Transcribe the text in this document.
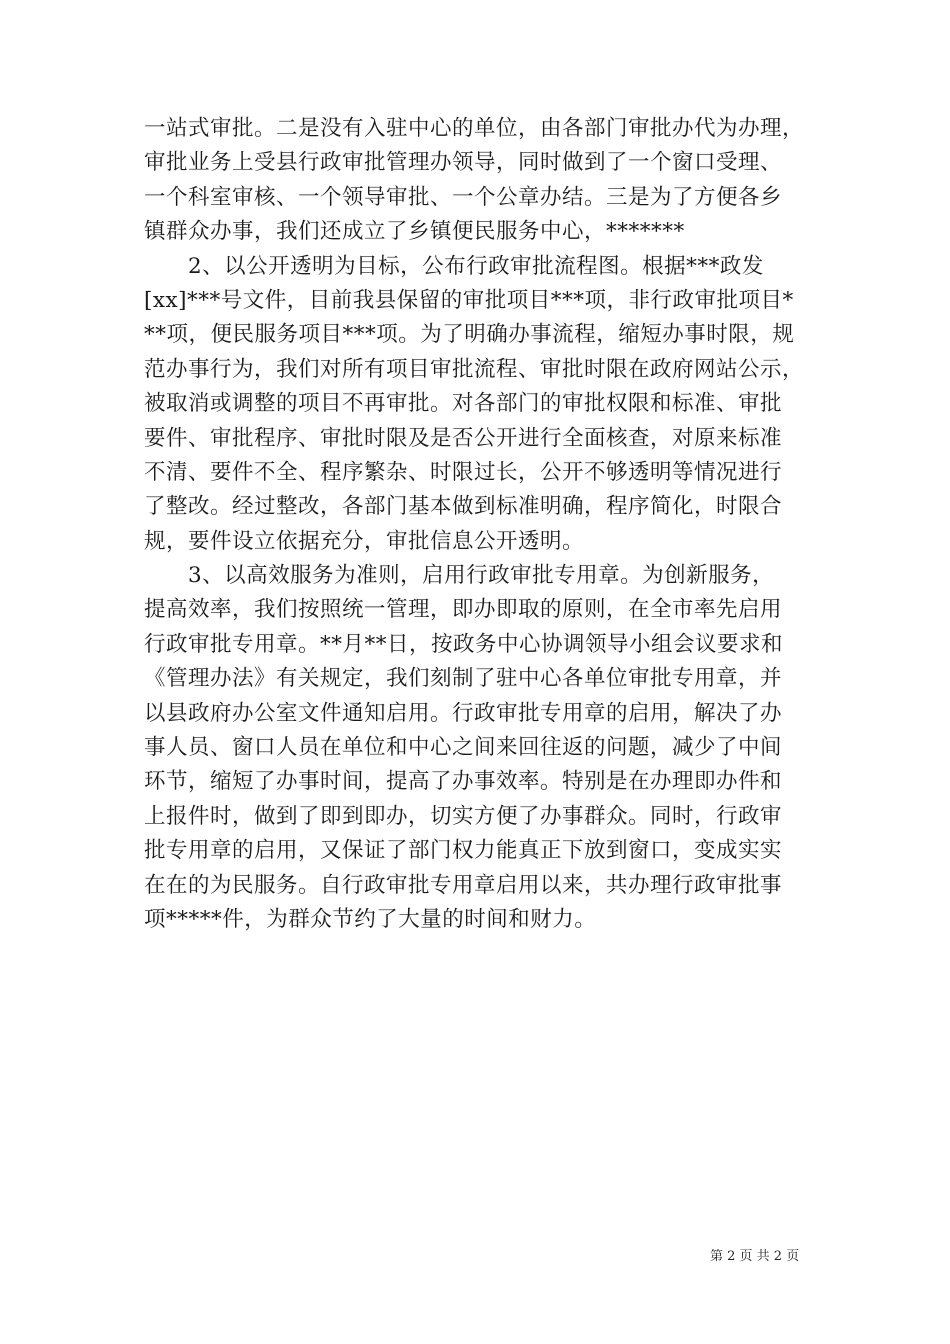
一站式审批。二是没有入驻中心的单位，由各部门审批办代为办理，
审批业务上受县行政审批管理办领导，同时做到了一个窗口受理、
一个科室审核、一个领导审批、一个公章办结。三是为了方便各乡
镇群众办事，我们还成立了乡镇便民服务中心，*******
2、以公开透明为目标，公布行政审批流程图。根据***政发
[xx]***号文件，目前我县保留的审批项目***项，非行政审批项目*
**项，便民服务项目***项。为了明确办事流程，缩短办事时限，规
范办事行为，我们对所有项目审批流程、审批时限在政府网站公示，
被取消或调整的项目不再审批。对各部门的审批权限和标准、审批
要件、审批程序、审批时限及是否公开进行全面核查，对原来标准
不清、要件不全、程序繁杂、时限过长，公开不够透明等情况进行
了整改。经过整改，各部门基本做到标准明确，程序简化，时限合
规，要件设立依据充分，审批信息公开透明。
3、以高效服务为准则，启用行政审批专用章。为创新服务，
提高效率，我们按照统一管理，即办即取的原则，在全市率先启用
行政审批专用章。**月**日，按政务中心协调领导小组会议要求和
《管理办法》有关规定，我们刻制了驻中心各单位审批专用章，并
以县政府办公室文件通知启用。行政审批专用章的启用，解决了办
事人员、窗口人员在单位和中心之间来回往返的问题，减少了中间
环节，缩短了办事时间，提高了办事效率。特别是在办理即办件和
上报件时，做到了即到即办，切实方便了办事群众。同时，行政审
批专用章的启用，又保证了部门权力能真正下放到窗口，变成实实
在在的为民服务。自行政审批专用章启用以来，共办理行政审批事
项*****件，为群众节约了大量的时间和财力。
第 2 页 共 2 页
